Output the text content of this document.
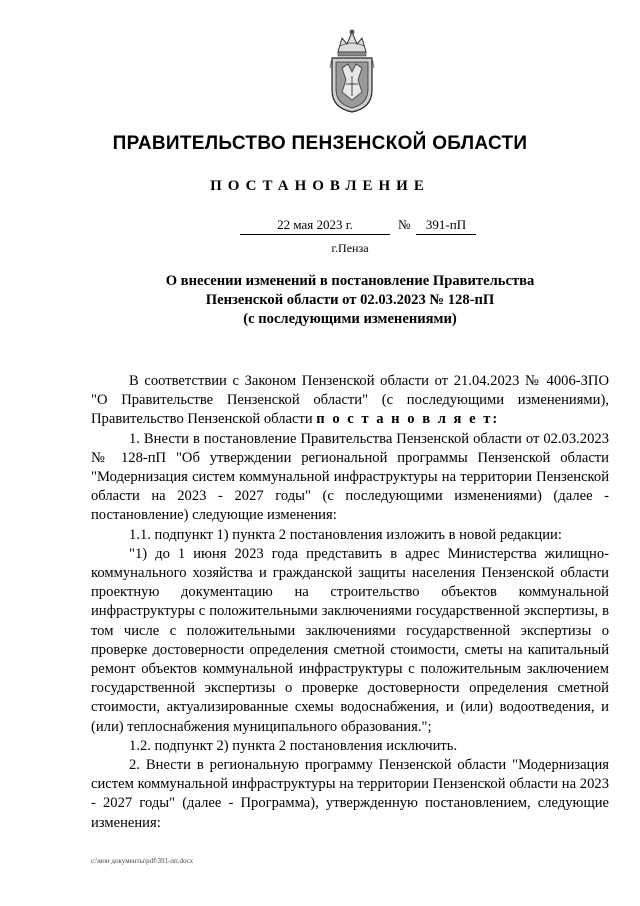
ПРАВИТЕЛЬСТВО ПЕНЗЕНСКОЙ ОБЛАСТИ
ПОСТАНОВЛЕНИЕ
22 мая 2023 г.	№	391-пП
г.Пенза
О внесении изменений в постановление Правительства
Пензенской области от 02.03.2023 № 128-пП
(с последующими изменениями)

В соответствии с Законом Пензенской области от 21.04.2023 № 4006-ЗПО "О Правительстве Пензенской области" (с последующими изменениями), Правительство Пензенской области п о с т а н о в л я е т:

1. Внести в постановление Правительства Пензенской области от 02.03.2023 № 128-пП "Об утверждении региональной программы Пензенской области "Модернизация систем коммунальной инфраструктуры на территории Пензенской области на 2023 - 2027 годы" (с последующими изменениями) (далее - постановление) следующие изменения:

1.1. подпункт 1) пункта 2 постановления изложить в новой редакции:

"1) до 1 июня 2023 года представить в адрес Министерства жилищно-коммунального хозяйства и гражданской защиты населения Пензенской области проектную документацию на строительство объектов коммунальной инфраструктуры с положительными заключениями государственной экспертизы, в том числе с положительными заключениями государственной экспертизы о проверке достоверности определения сметной стоимости, сметы на капитальный ремонт объектов коммунальной инфраструктуры с положительным заключением государственной экспертизы о проверке достоверности определения сметной стоимости, актуализированные схемы водоснабжения, и (или) водоотведения, и (или) теплоснабжения муниципального образования.";

1.2. подпункт 2) пункта 2 постановления исключить.

2. Внести в региональную программу Пензенской области "Модернизация систем коммунальной инфраструктуры на территории Пензенской области на 2023 - 2027 годы" (далее - Программа), утвержденную постановлением, следующие изменения:

c:\мои документы\pdf\391-пп.docx
